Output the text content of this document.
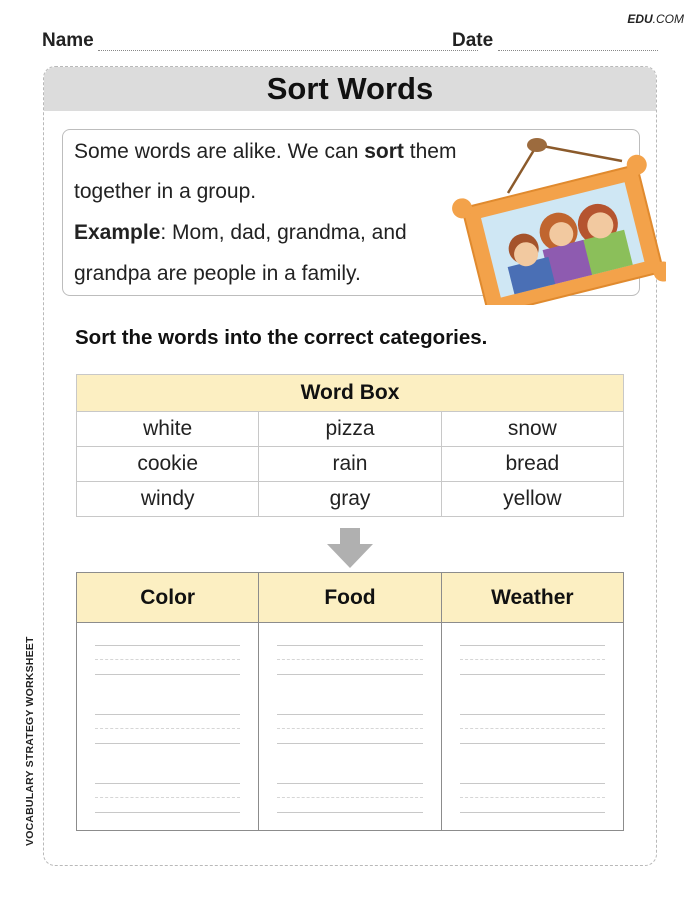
EDU.COM
Name	Date
VOCABULARY STRATEGY WORKSHEET
Sort Words

Some words are alike. We can sort them

together in a group.

Example: Mom, dad, grandma, and

grandpa are people in a family.

Sort the words into the correct categories.
Word Box		
white	pizza	snow
cookie	rain	bread
windy	gray	yellow
Color	Food	Weather
